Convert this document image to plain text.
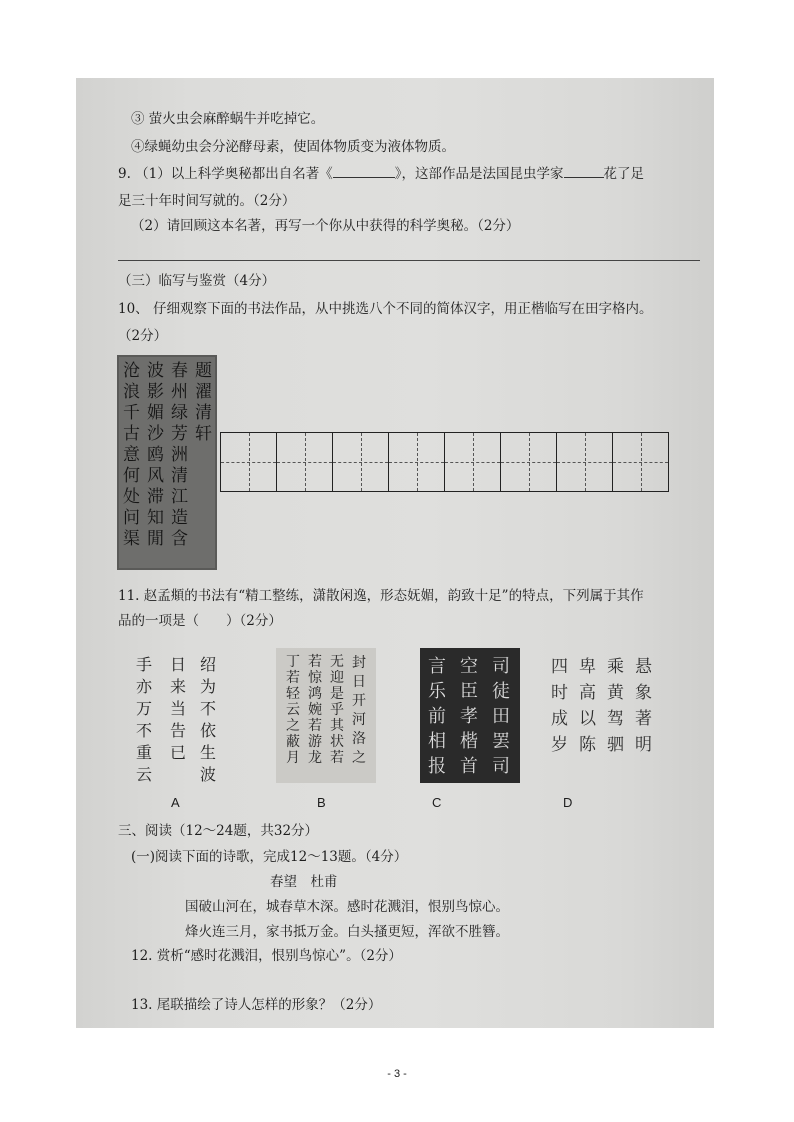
③ 萤火虫会麻醉蜗牛并吃掉它。
④绿蝇幼虫会分泌酵母素，使固体物质变为液体物质。
9. （1）以上科学奥秘都出自名著《	》，这部作品是法国昆虫学家	花了足
足三十年时间写就的。（2分）
（2）请回顾这本名著，再写一个你从中获得的科学奥秘。（2分）
（三）临写与鉴赏（4分）
10、 仔细观察下面的书法作品，从中挑选八个不同的简体汉字，用正楷临写在田字格内。
（2分）
题濯清轩
春州绿芳洲清江造含
波影媚沙鸥风滞知閒
沧浪千古意何处问渠
11. 赵孟頫的书法有“精工整练，潇散闲逸，形态妩媚，韵致十足”的特点，下列属于其作
品的一项是（　　）（2分）
绍为不依生波
日来当告已
手亦万不重云
封日开河洛之
无迎是乎其状若
若惊鸿婉若游龙
丁若轻云之蔽月
司徒田罢司
空臣孝楷首
言乐前相报
悬象著明
乘黄驾驷
卑高以陈
四时成岁
A	B	C	D
三、阅读（12～24题，共32分）
(一)阅读下面的诗歌，完成12～13题。（4分）
春望　杜甫
国破山河在，城春草木深。感时花溅泪，恨别鸟惊心。
烽火连三月，家书抵万金。白头搔更短，浑欲不胜簪。
12. 赏析“感时花溅泪，恨别鸟惊心”。（2分）
13. 尾联描绘了诗人怎样的形象？（2分）
- 3 -
